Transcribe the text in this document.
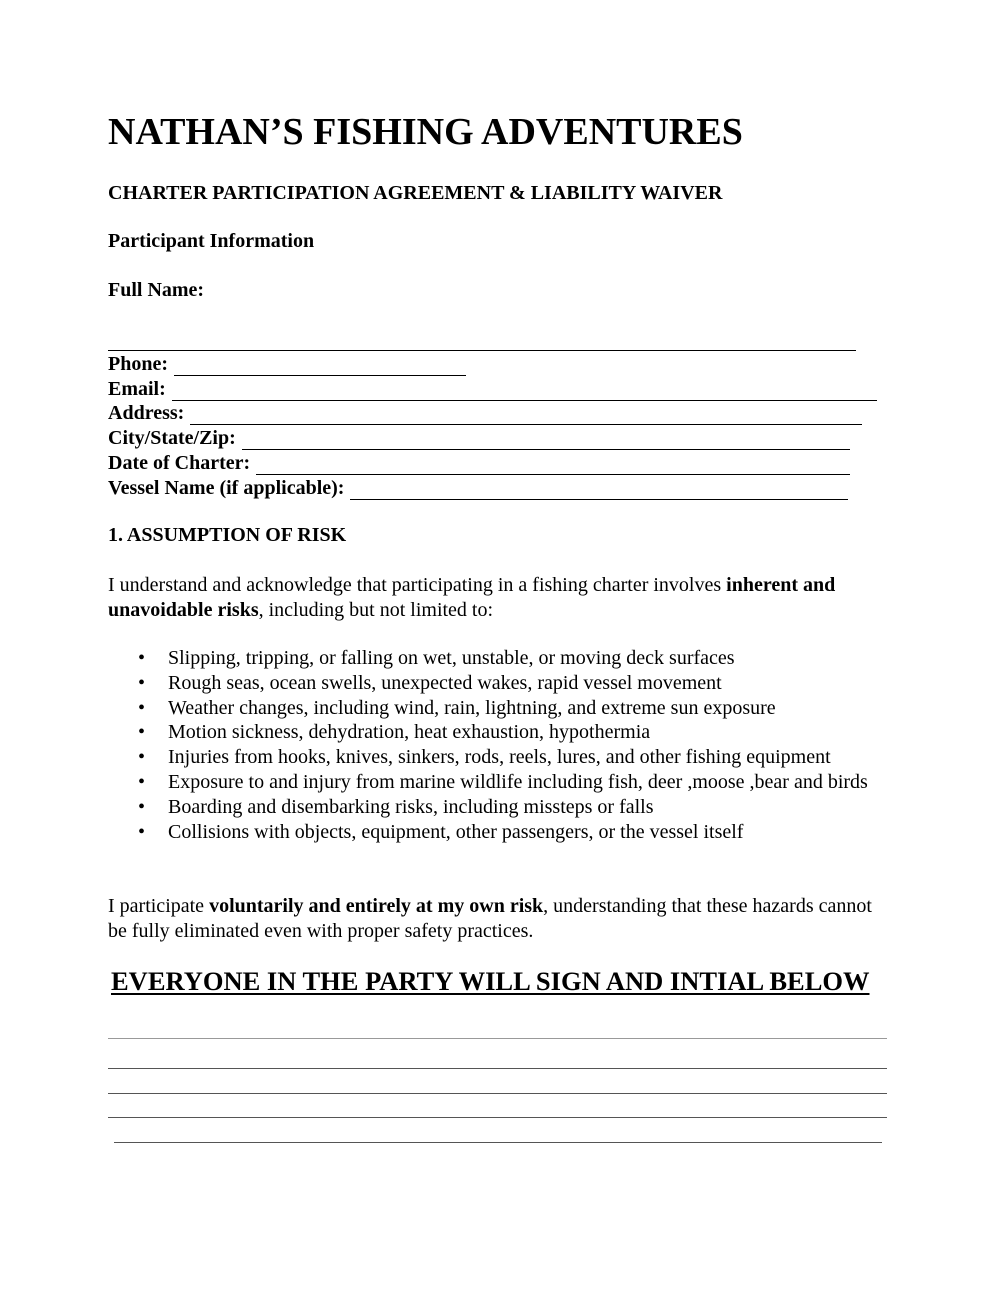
NATHAN’S FISHING ADVENTURES
CHARTER PARTICIPATION AGREEMENT & LIABILITY WAIVER
Participant Information
Full Name:
Phone:
Email:
Address:
City/State/Zip:
Date of Charter:
Vessel Name (if applicable):
1. ASSUMPTION OF RISK
I understand and acknowledge that participating in a fishing charter involves inherent and unavoidable risks, including but not limited to:
• Slipping, tripping, or falling on wet, unstable, or moving deck surfaces
• Rough seas, ocean swells, unexpected wakes, rapid vessel movement
• Weather changes, including wind, rain, lightning, and extreme sun exposure
• Motion sickness, dehydration, heat exhaustion, hypothermia
• Injuries from hooks, knives, sinkers, rods, reels, lures, and other fishing equipment
• Exposure to and injury from marine wildlife including fish, deer ,moose ,bear and birds
• Boarding and disembarking risks, including missteps or falls
• Collisions with objects, equipment, other passengers, or the vessel itself
I participate voluntarily and entirely at my own risk, understanding that these hazards cannot be fully eliminated even with proper safety practices.
EVERYONE IN THE PARTY WILL SIGN AND INTIAL BELOW
